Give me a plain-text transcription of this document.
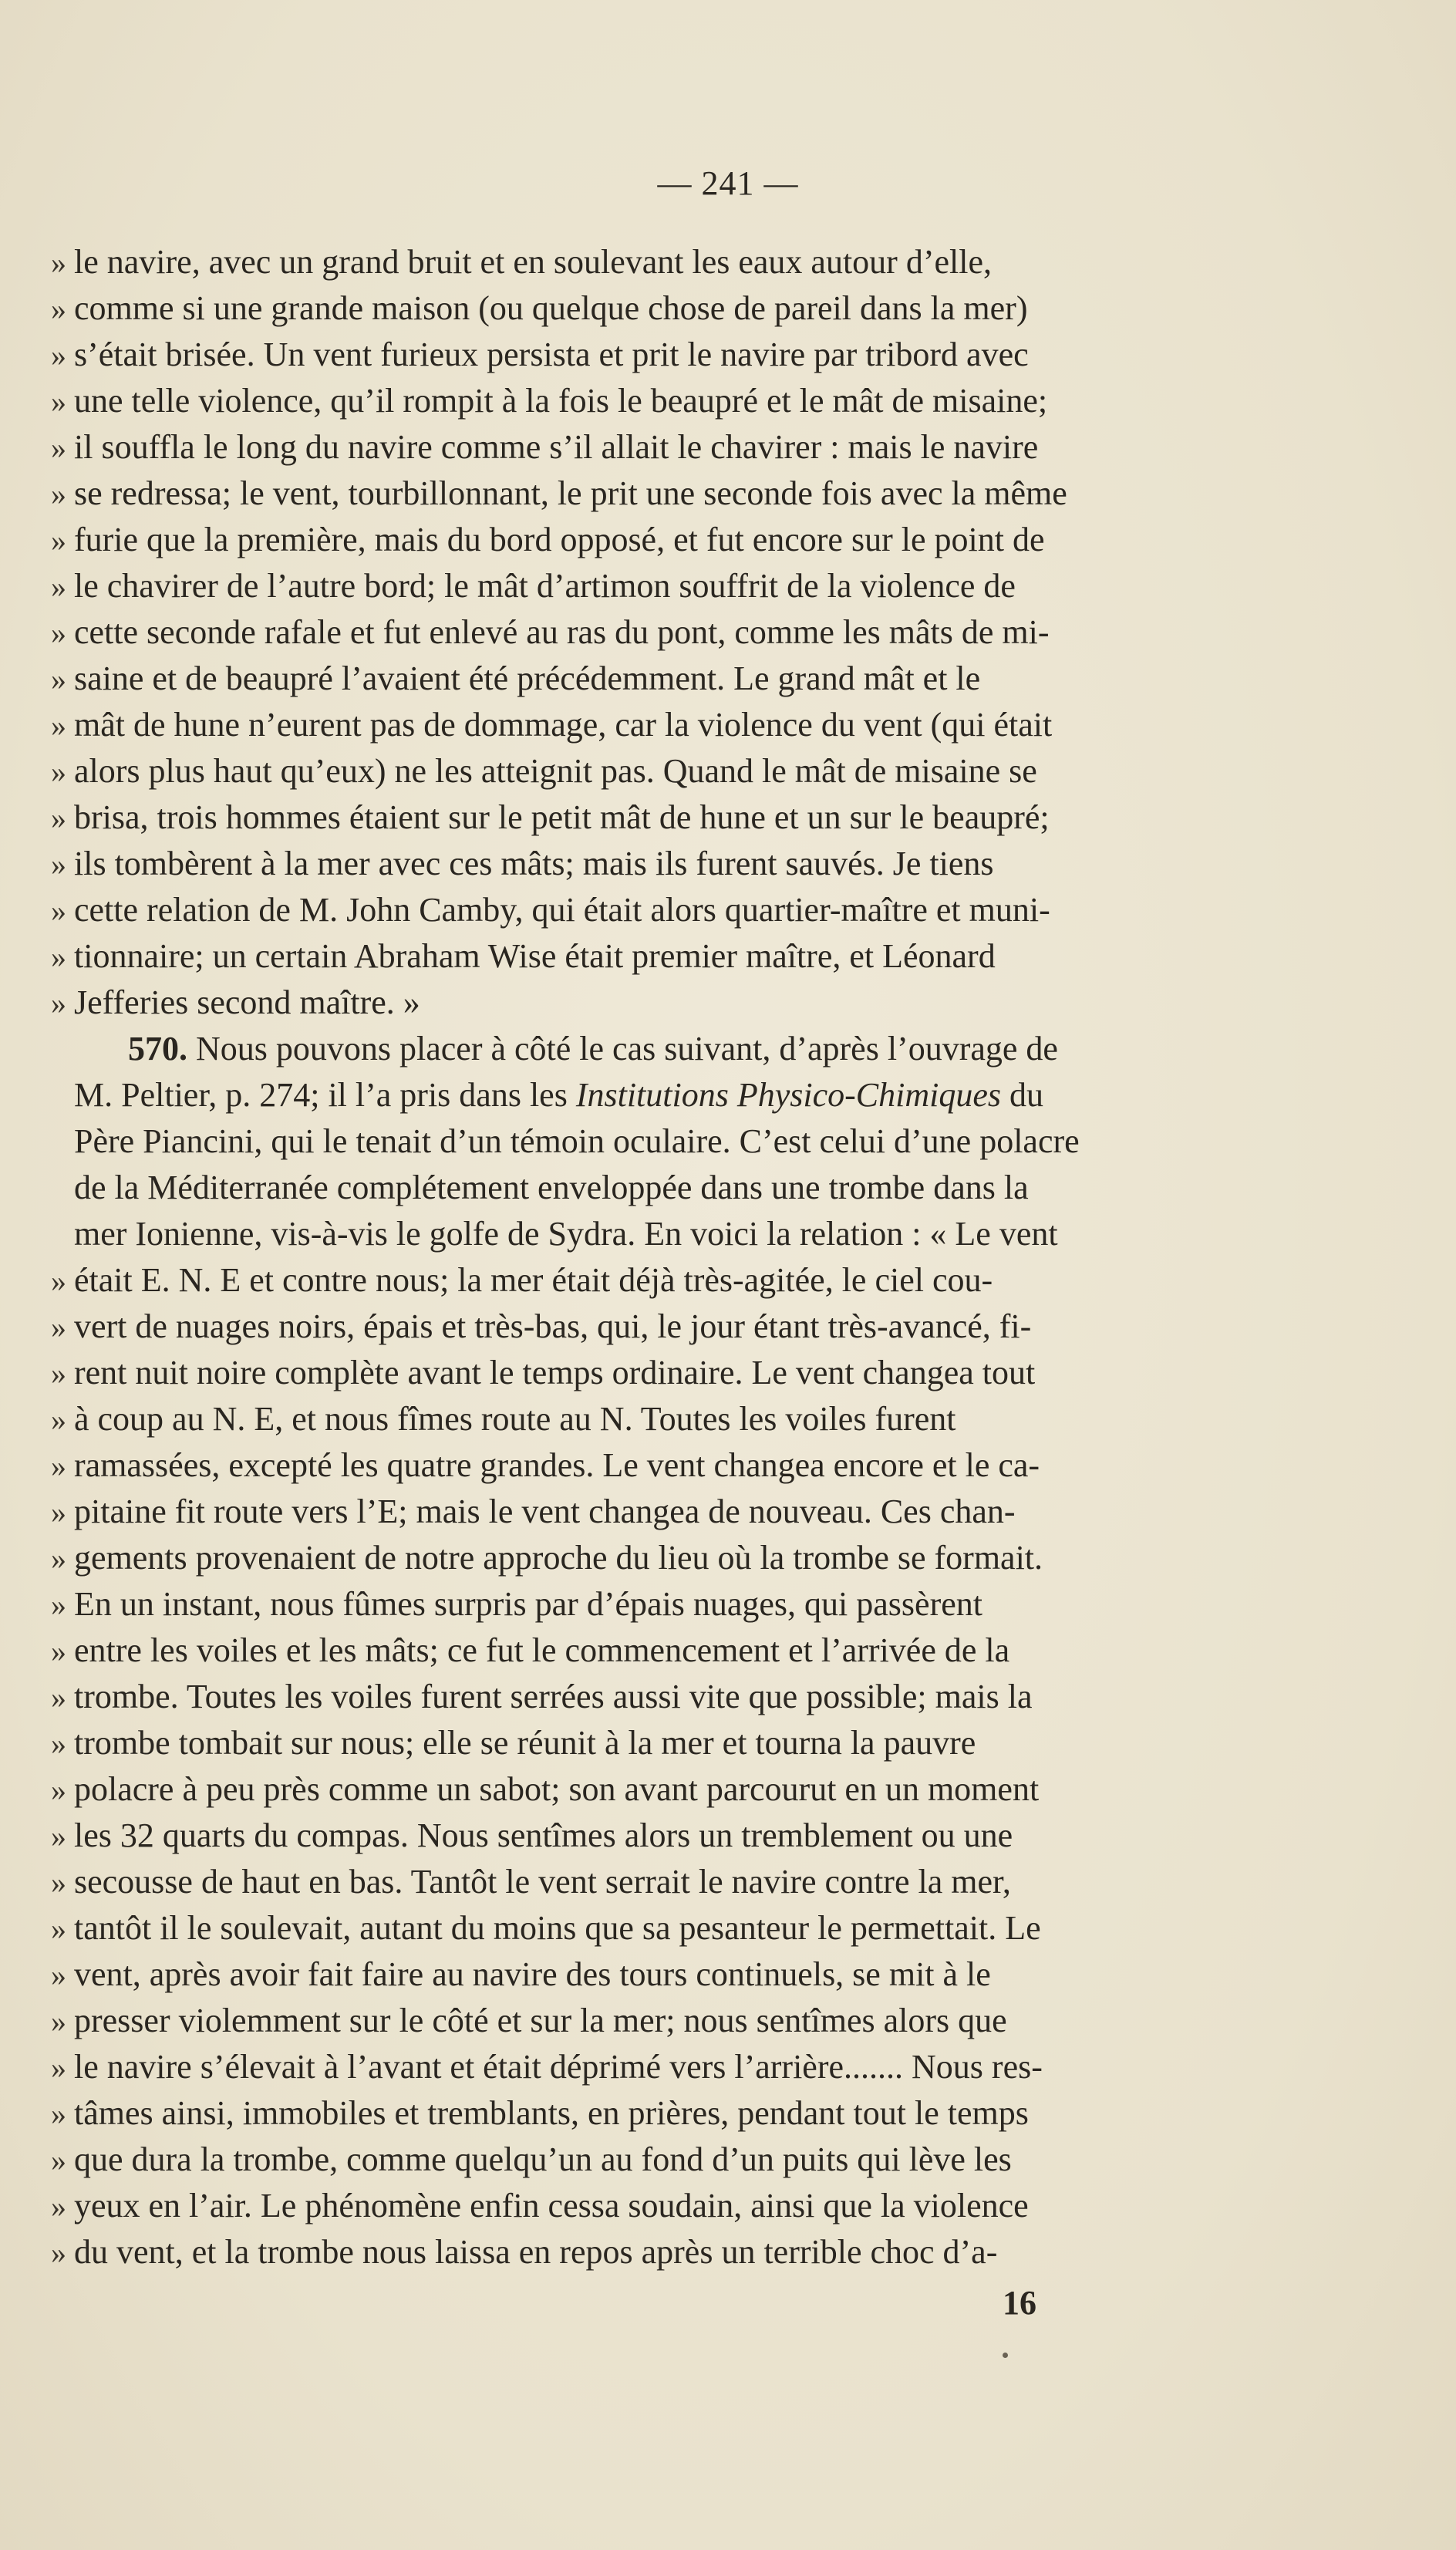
— 241 —
» le navire, avec un grand bruit et en soulevant les eaux autour d’elle,
» comme si une grande maison (ou quelque chose de pareil dans la mer)
» s’était brisée. Un vent furieux persista et prit le navire par tribord avec
» une telle violence, qu’il rompit à la fois le beaupré et le mât de misaine;
» il souffla le long du navire comme s’il allait le chavirer : mais le navire
» se redressa; le vent, tourbillonnant, le prit une seconde fois avec la même
» furie que la première, mais du bord opposé, et fut encore sur le point de
» le chavirer de l’autre bord; le mât d’artimon souffrit de la violence de
» cette seconde rafale et fut enlevé au ras du pont, comme les mâts de mi-
» saine et de beaupré l’avaient été précédemment. Le grand mât et le
» mât de hune n’eurent pas de dommage, car la violence du vent (qui était
» alors plus haut qu’eux) ne les atteignit pas. Quand le mât de misaine se
» brisa, trois hommes étaient sur le petit mât de hune et un sur le beaupré;
» ils tombèrent à la mer avec ces mâts; mais ils furent sauvés. Je tiens
» cette relation de M. John Camby, qui était alors quartier-maître et muni-
» tionnaire; un certain Abraham Wise était premier maître, et Léonard
» Jefferies second maître. »
570. Nous pouvons placer à côté le cas suivant, d’après l’ouvrage de
M. Peltier, p. 274; il l’a pris dans les Institutions Physico-Chimiques du
Père Piancini, qui le tenait d’un témoin oculaire. C’est celui d’une polacre
de la Méditerranée complétement enveloppée dans une trombe dans la
mer Ionienne, vis-à-vis le golfe de Sydra. En voici la relation : « Le vent
» était E. N. E et contre nous; la mer était déjà très-agitée, le ciel cou-
» vert de nuages noirs, épais et très-bas, qui, le jour étant très-avancé, fi-
» rent nuit noire complète avant le temps ordinaire. Le vent changea tout
» à coup au N. E, et nous fîmes route au N. Toutes les voiles furent
» ramassées, excepté les quatre grandes. Le vent changea encore et le ca-
» pitaine fit route vers l’E; mais le vent changea de nouveau. Ces chan-
» gements provenaient de notre approche du lieu où la trombe se formait.
» En un instant, nous fûmes surpris par d’épais nuages, qui passèrent
» entre les voiles et les mâts; ce fut le commencement et l’arrivée de la
» trombe. Toutes les voiles furent serrées aussi vite que possible; mais la
» trombe tombait sur nous; elle se réunit à la mer et tourna la pauvre
» polacre à peu près comme un sabot; son avant parcourut en un moment
» les 32 quarts du compas. Nous sentîmes alors un tremblement ou une
» secousse de haut en bas. Tantôt le vent serrait le navire contre la mer,
» tantôt il le soulevait, autant du moins que sa pesanteur le permettait. Le
» vent, après avoir fait faire au navire des tours continuels, se mit à le
» presser violemment sur le côté et sur la mer; nous sentîmes alors que
» le navire s’élevait à l’avant et était déprimé vers l’arrière....... Nous res-
» tâmes ainsi, immobiles et tremblants, en prières, pendant tout le temps
» que dura la trombe, comme quelqu’un au fond d’un puits qui lève les
» yeux en l’air. Le phénomène enfin cessa soudain, ainsi que la violence
» du vent, et la trombe nous laissa en repos après un terrible choc d’a-
16
